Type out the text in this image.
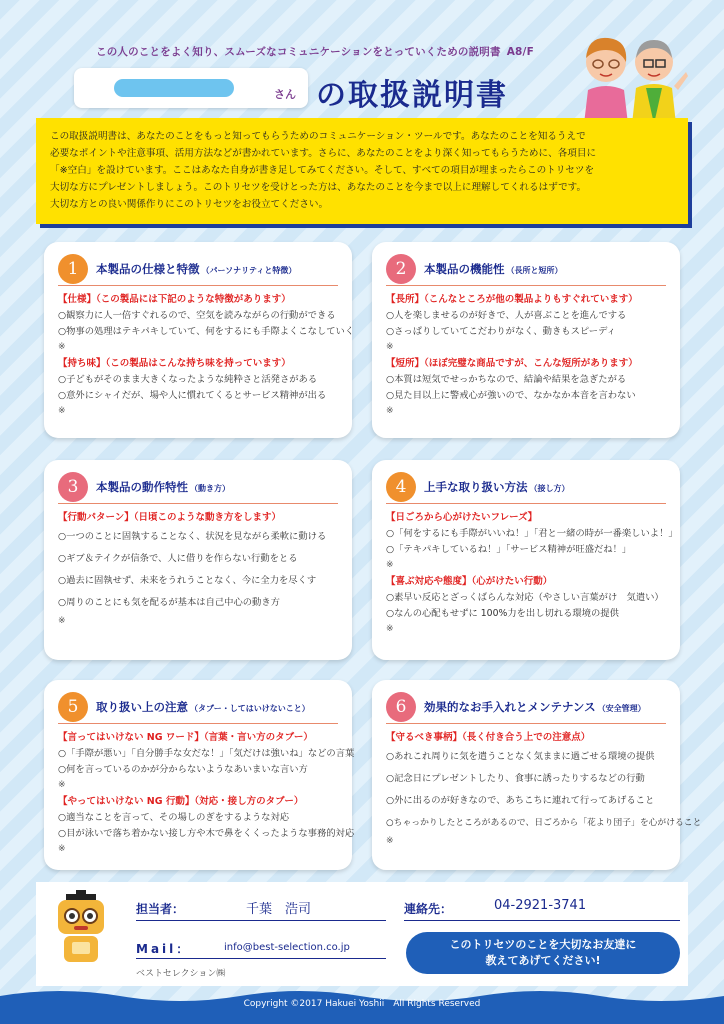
この人のことをよく知り、スムーズなコミュニケーションをとっていくための説明書 A8/F
さん の取扱説明書
この取扱説明書は、あなたのことをもっと知ってもらうためのコミュニケーション・ツールです。あなたのことを知るうえで
必要なポイントや注意事項、活用方法などが書かれています。さらに、あなたのことをより深く知ってもらうために、各項目に
「※空白」を設けています。ここはあなた自身が書き足してみてください。そして、すべての項目が埋まったらこのトリセツを
大切な方にプレゼントしましょう。このトリセツを受けとった方は、あなたのことを今まで以上に理解してくれるはずです。
大切な方との良い関係作りにこのトリセツをお役立てください。
1	本製品の仕様と特徴 （パーソナリティと特徴）
【仕様】（この製品には下記のような特徴があります）
○観察力に人一倍すぐれるので、空気を読みながらの行動ができる
○物事の処理はテキパキしていて、何をするにも手際よくこなしていく
※
【持ち味】（この製品はこんな持ち味を持っています）
○子どもがそのまま大きくなったような純粋さと活発さがある
○意外にシャイだが、場や人に慣れてくるとサービス精神が出る
※
2	本製品の機能性 （長所と短所）
【長所】（こんなところが他の製品よりもすぐれています）
○人を楽しませるのが好きで、人が喜ぶことを進んでする
○さっぱりしていてこだわりがなく、動きもスピーディ
※
【短所】（ほぼ完璧な商品ですが、こんな短所があります）
○本質は短気でせっかちなので、結論や結果を急ぎたがる
○見た目以上に警戒心が強いので、なかなか本音を言わない
※
3	本製品の動作特性 （動き方）
【行動パターン】（日頃このような動き方をします）
○一つのことに固執することなく、状況を見ながら柔軟に動ける
○ギブ＆テイクが信条で、人に借りを作らない行動をとる
○過去に固執せず、未来をうれうことなく、今に全力を尽くす
○周りのことにも気を配るが基本は自己中心の動き方
※
4	上手な取り扱い方法 （接し方）
【日ごろから心がけたいフレーズ】
○「何をするにも手際がいいね！」「君と一緒の時が一番楽しいよ！」
○「テキパキしているね！」「サービス精神が旺盛だね！」
※
【喜ぶ対応や態度】（心がけたい行動）
○素早い反応とざっくばらんな対応（やさしい言葉がけ　気遣い）
○なんの心配もせずに 100%力を出し切れる環境の提供
※
5	取り扱い上の注意 （タブー・してはいけないこと）
【言ってはいけない NG ワード】（言葉・言い方のタブー）
○「手際が悪い」「自分勝手な女だな！」「気だけは強いね」などの言葉
○何を言っているのかが分からないようなあいまいな言い方
※
【やってはいけない NG 行動】（対応・接し方のタブー）
○適当なことを言って、その場しのぎをするような対応
○目が泳いで落ち着かない接し方や木で鼻をくくったような事務的対応
※
6	効果的なお手入れとメンテナンス （安全管理）
【守るべき事柄】（長く付き合う上での注意点）
○あれこれ周りに気を遣うことなく気ままに過ごせる環境の提供
○記念日にプレゼントしたり、食事に誘ったりするなどの行動
○外に出るのが好きなので、あちこちに連れて行ってあげること
○ちゃっかりしたところがあるので、日ごろから「花より団子」を心がけること
※
担当者：	千葉　浩司	連絡先：	04-2921-3741
Mail：	info@best-selection.co.jp
ベストセレクション㈱
このトリセツのことを大切なお友達に
教えてあげてください!
Copyright ©2017 Hakuei Yoshii　All Rights Reserved
